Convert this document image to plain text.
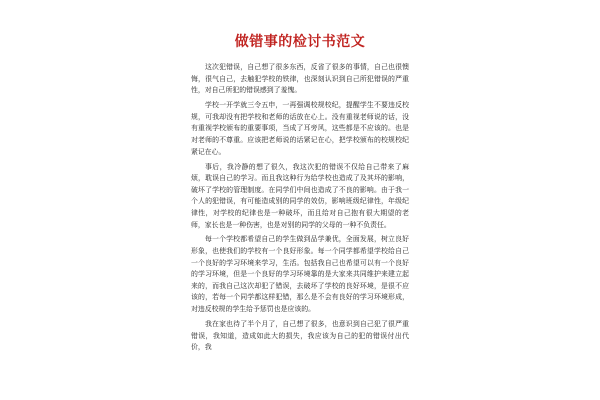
做错事的检讨书范文

这次犯错误，自己想了很多东西，反省了很多的事情，自己也很懊悔，很气自己，去触犯学校的铁律，也深刻认识到自己所犯错误的严重性，对自己所犯的错误感到了羞愧。

学校一开学就三令五申，一再强调校规校纪，提醒学生不要违反校规，可我却没有把学校和老师的话放在心上。没有重视老师说的话，没有重视学校颁布的重要事项，当成了耳旁风，这些都是不应该的。也是对老师的不尊重。应该把老师说的话紧记在心，把学校颁布的校规校纪紧记在心。

事后，我冷静的想了很久，我这次犯的错误不仅给自己带来了麻烦，耽误自己的学习。而且我这种行为给学校也造成了及其坏的影响，破坏了学校的管理制度。在同学们中间也造成了不良的影响。由于我一个人的犯错误，有可能造成别的同学的效仿，影响班级纪律性，年级纪律性，对学校的纪律也是一种破坏，而且给对自己抱有很大期望的老师，家长也是一种伤害，也是对别的同学的父母的一种不负责任。

每一个学校都希望自己的学生做到品学兼优，全面发展，树立良好形象，也使我们的学校有一个良好形象。每一个同学都希望学校给自己一个良好的学习环境来学习，生活。包括我自己也希望可以有一个良好的学习环境，但是一个良好的学习环境靠的是大家来共同维护来建立起来的，而我自己这次却犯了错误，去破坏了学校的良好环境，是很不应该的，若每一个同学都这样犯错，那么是不会有良好的学习环境形成，对违反校规的学生给予惩罚也是应该的。

我在家也待了半个月了，自己想了很多，也意识到自己犯了很严重错误，我知道，造成如此大的损失，我应该为自己的犯的错误付出代价，我
